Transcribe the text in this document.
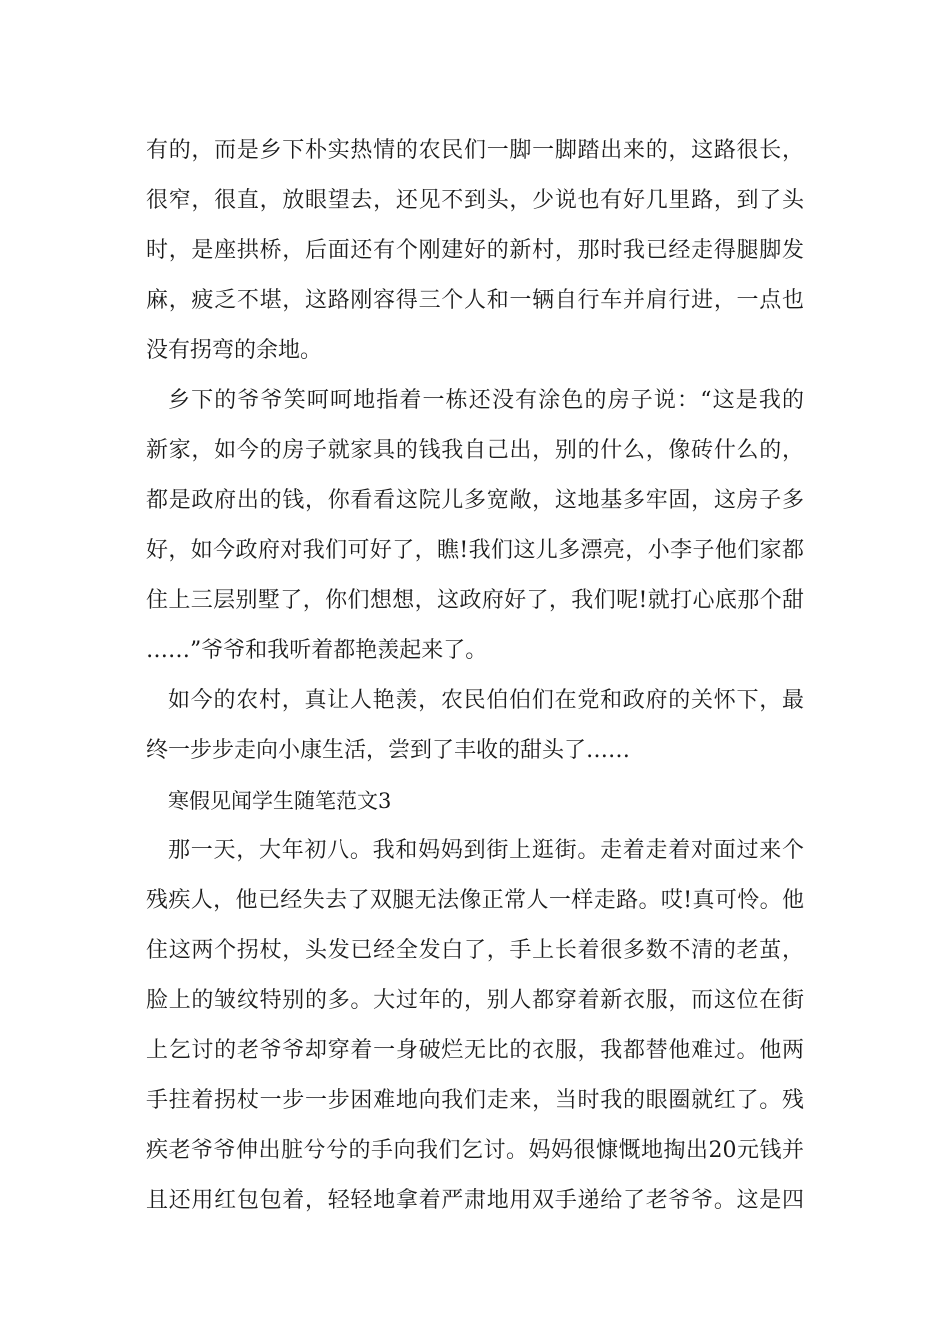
有的，而是乡下朴实热情的农民们一脚一脚踏出来的，这路很长，
很窄，很直，放眼望去，还见不到头，少说也有好几里路，到了头
时，是座拱桥，后面还有个刚建好的新村，那时我已经走得腿脚发
麻，疲乏不堪，这路刚容得三个人和一辆自行车并肩行进，一点也
没有拐弯的余地。
乡下的爷爷笑呵呵地指着一栋还没有涂色的房子说：“这是我的
新家，如今的房子就家具的钱我自己出，别的什么，像砖什么的，
都是政府出的钱，你看看这院儿多宽敞，这地基多牢固，这房子多
好，如今政府对我们可好了，瞧!我们这儿多漂亮，小李子他们家都
住上三层别墅了，你们想想，这政府好了，我们呢!就打心底那个甜
……”爷爷和我听着都艳羡起来了。
如今的农村，真让人艳羡，农民伯伯们在党和政府的关怀下，最
终一步步走向小康生活，尝到了丰收的甜头了……
寒假见闻学生随笔范文3
那一天，大年初八。我和妈妈到街上逛街。走着走着对面过来个
残疾人，他已经失去了双腿无法像正常人一样走路。哎!真可怜。他
住这两个拐杖，头发已经全发白了，手上长着很多数不清的老茧，
脸上的皱纹特别的多。大过年的，别人都穿着新衣服，而这位在街
上乞讨的老爷爷却穿着一身破烂无比的衣服，我都替他难过。他两
手拄着拐杖一步一步困难地向我们走来，当时我的眼圈就红了。残
疾老爷爷伸出脏兮兮的手向我们乞讨。妈妈很慷慨地掏出20元钱并
且还用红包包着，轻轻地拿着严肃地用双手递给了老爷爷。这是四
